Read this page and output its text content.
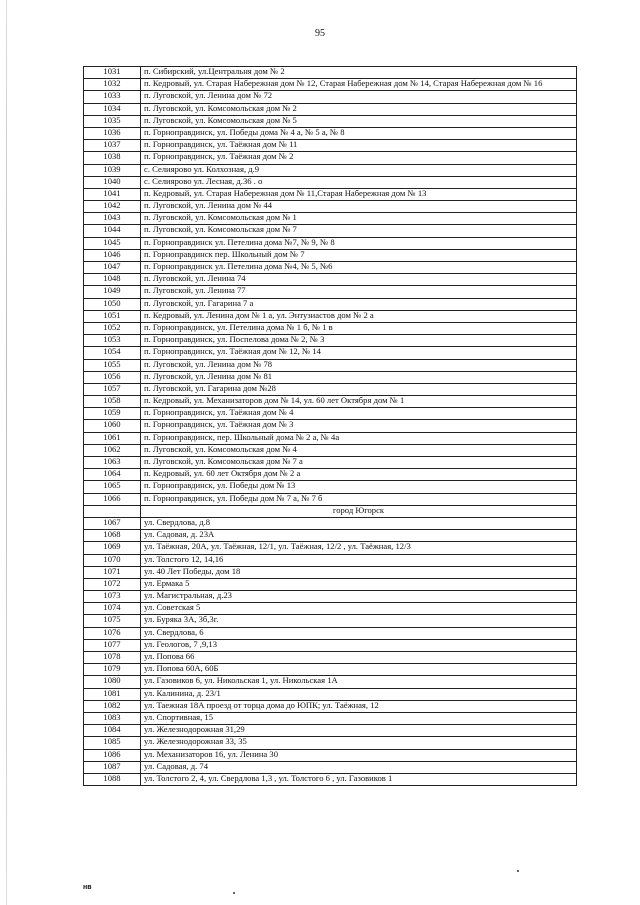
95
1031	п. Сибирский, ул.Центральня дом № 2
1032	п. Кедровый, ул. Старая Набережная дом № 12, Старая Набережная дом № 14, Старая Набережная дом № 16
1033	п. Луговской, ул. Ленина дом № 72
1034	п. Луговской, ул. Комсомольская дом № 2
1035	п. Луговской, ул. Комсомольская дом № 5
1036	п. Горноправдинск, ул. Победы дома № 4 а, № 5 а, № 8
1037	п. Горноправдинск, ул. Таёжная дом № 11
1038	п. Горноправдинск, ул. Таёжная дом № 2
1039	с. Селиярово ул. Колхозная, д.9
1040	с. Селиярово ул. Лесная, д.36 . о
1041	п. Кедровый, ул. Старая Набережная дом № 11,Старая Набережная дом № 13
1042	п. Луговской, ул. Ленина дом № 44
1043	п. Луговской, ул. Комсомольская дом № 1
1044	п. Луговской, ул. Комсомольская дом № 7
1045	п. Горноправдинск ул. Петелина дома №7, № 9, № 8
1046	п. Горноправдинск пер. Школьный дом № 7
1047	п. Горноправдинск ул. Петелина дома №4, № 5, №6
1048	п. Луговской, ул. Ленина 74
1049	п. Луговской, ул. Ленина 77
1050	п. Луговской, ул. Гагарина 7 а
1051	п. Кедровый, ул. Ленина дом № 1 а, ул. Энтузиастов дом № 2 а
1052	п. Горноправдинск, ул. Петелина дома № 1 б, № 1 в
1053	п. Горноправдинск, ул. Поспелова дома № 2, № 3
1054	п. Горноправдинск, ул. Таёжная дом № 12, № 14
1055	п. Луговской, ул. Ленина дом № 78
1056	п. Луговской, ул. Ленина дом № 81
1057	п. Луговской, ул. Гагарина дом №28
1058	п. Кедровый, ул. Механизаторов дом № 14, ул. 60 лет Октября дом № 1
1059	п. Горноправдинск, ул. Таёжная дом № 4
1060	п. Горноправдинск, ул. Таёжная дом № 3
1061	п. Горноправдинск, пер. Школьный дома № 2 а, № 4а
1062	п. Луговской, ул. Комсомольская дом № 4
1063	п. Луговской, ул. Комсомольская дом № 7 а
1064	п. Кедровый, ул. 60 лет Октября дом № 2 а
1065	п. Горноправдинск, ул. Победы дом № 13
1066	п. Горноправдинск, ул. Победы дом № 7 а, № 7 б
	город Югорск
1067	ул. Свердлова, д.8
1068	ул. Садовая, д. 23А
1069	ул. Таёжная, 20А, ул. Таёжная, 12/1, ул. Таёжная, 12/2 , ул. Таёжная, 12/3
1070	ул. Толстого 12, 14,16
1071	ул. 40 Лет Победы, дом 18
1072	ул. Ермака 5
1073	ул. Магистральная, д.23
1074	ул. Советская 5
1075	ул. Буряка 3А, 3б,3г.
1076	ул. Свердлова, 6
1077	ул. Геологов, 7 ,9,13
1078	ул. Попова 66
1079	ул. Попова 60А, 60Б
1080	ул. Газовиков 6, ул. Никольская 1, ул. Никольская 1А
1081	ул. Калинина, д. 23/1
1082	ул. Таежная 18А проезд от торца дома до ЮПК; ул. Таёжная, 12
1083	ул. Спортивная, 15
1084	ул. Железнодорожная 31,29
1085	ул. Железнодорожная 33, 35
1086	ул. Механизаторов 16, ул. Ленина 30
1087	ул. Садовая, д. 74
1088	ул. Толстого 2, 4, ул. Свердлова 1,3 , ул. Толстого 6 , ул. Газовиков 1
нв
